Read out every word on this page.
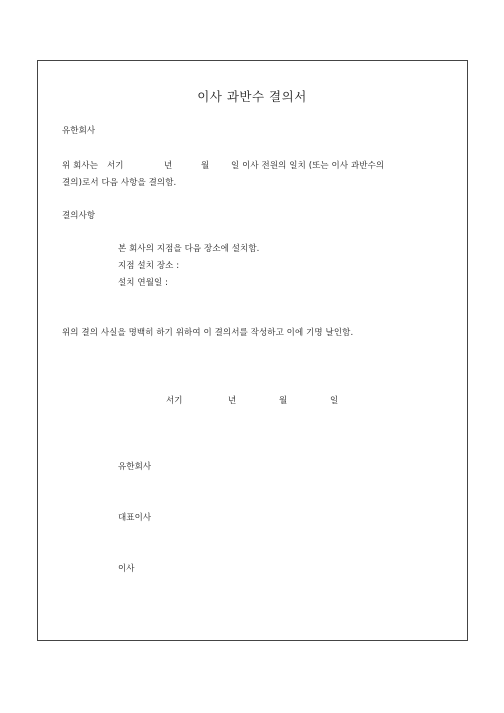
이사 과반수 결의서
유한회사
위 회사는 서기	년	월	일 이사 전원의 일치 (또는 이사 과반수의
결의)로서 다음 사항을 결의함.
결의사항
본 회사의 지점을 다음 장소에 설치함.
지점 설치 장소 :
설치 연월일 :
위의 결의 사실을 명백히 하기 위하여 이 결의서를 작성하고 이에 기명 날인함.
서기	년	월	일
유한회사
대표이사
이사
